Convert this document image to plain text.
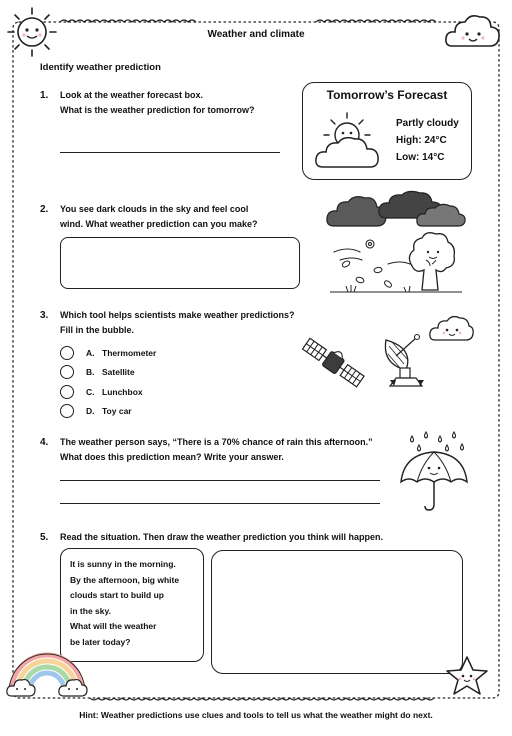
Weather and climate
Identify weather prediction
1. Look at the weather forecast box.
What is the weather prediction for tomorrow?
Tomorrow’s Forecast
Partly cloudy
High: 24°C
Low: 14°C
2. You see dark clouds in the sky and feel cool
wind. What weather prediction can you make?
3. Which tool helps scientists make weather predictions?
Fill in the bubble.
A. Thermometer
B. Satellite
C. Lunchbox
D. Toy car
4. The weather person says, “There is a 70% chance of rain this afternoon.”
What does this prediction mean? Write your answer.
5. Read the situation. Then draw the weather prediction you think will happen.
It is sunny in the morning.
By the afternoon, big white
clouds start to build up
in the sky.
What will the weather
be later today?
Hint: Weather predictions use clues and tools to tell us what the weather might do next.
